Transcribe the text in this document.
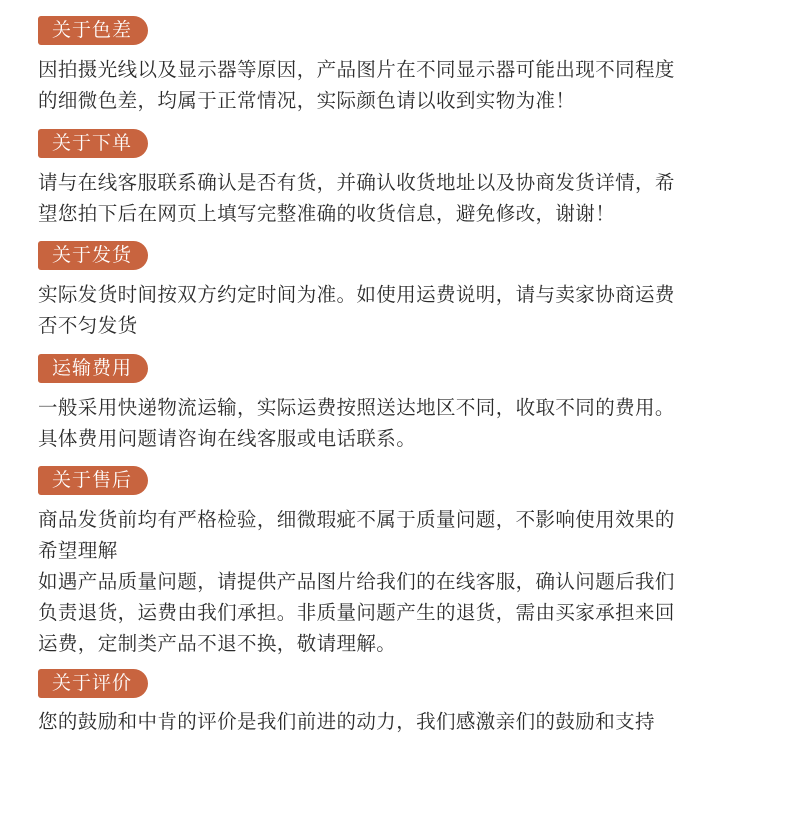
关于色差
因拍摄光线以及显示器等原因，产品图片在不同显示器可能出现不同程度
的细微色差，均属于正常情况，实际颜色请以收到实物为准！
关于下单
请与在线客服联系确认是否有货，并确认收货地址以及协商发货详情，希
望您拍下后在网页上填写完整准确的收货信息，避免修改，谢谢！
关于发货
实际发货时间按双方约定时间为准。如使用运费说明，请与卖家协商运费
否不匀发货
运输费用
一般采用快递物流运输，实际运费按照送达地区不同，收取不同的费用。
具体费用问题请咨询在线客服或电话联系。
关于售后
商品发货前均有严格检验，细微瑕疵不属于质量问题，不影响使用效果的
希望理解
如遇产品质量问题，请提供产品图片给我们的在线客服，确认问题后我们
负责退货，运费由我们承担。非质量问题产生的退货，需由买家承担来回
运费，定制类产品不退不换，敬请理解。
关于评价
您的鼓励和中肯的评价是我们前进的动力，我们感激亲们的鼓励和支持
